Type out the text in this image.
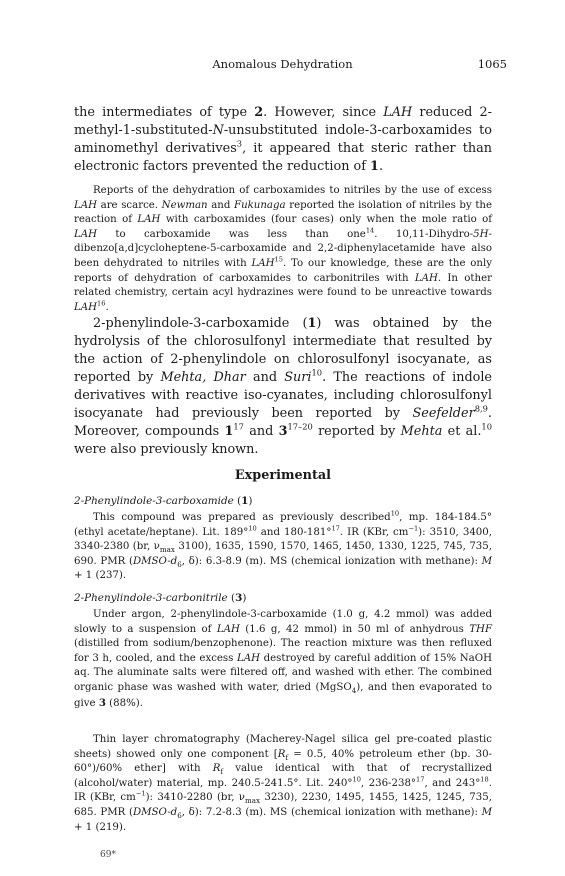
Anomalous Dehydration	1065

the intermediates of type 2. However, since LAH reduced 2-methyl-1-substituted-N-unsubstituted indole-3-carboxamides to aminomethyl derivatives$^3$, it appeared that steric rather than electronic factors prevented the reduction of 1.

Reports of the dehydration of carboxamides to nitriles by the use of excess LAH are scarce. Newman and Fukunaga reported the isolation of nitriles by the reaction of LAH with carboxamides (four cases) only when the mole ratio of LAH to carboxamide was less than one$^{14}$. 10,11-Dihydro-5H-dibenzo[a,d]cycloheptene-5-carboxamide and 2,2-diphenylacetamide have also been dehydrated to nitriles with LAH$^{15}$. To our knowledge, these are the only reports of dehydration of carboxamides to carbonitriles with LAH. In other related chemistry, certain acyl hydrazines were found to be unreactive towards LAH$^{16}$.

2-phenylindole-3-carboxamide (1) was obtained by the hydrolysis of the chlorosulfonyl intermediate that resulted by the action of 2-phenylindole on chlorosulfonyl isocyanate, as reported by Mehta, Dhar and Suri$^{10}$. The reactions of indole derivatives with reactive iso-cyanates, including chlorosulfonyl isocyanate had previously been reported by Seefelder$^{8,9}$. Moreover, compounds $1^{17}$ and 3$^{17-20}$ reported by Mehta et al.$^{10}$ were also previously known.

Experimental
2-Phenylindole-3-carboxamide (1)

This compound was prepared as previously described$^{10}$, mp. 184-184.5° (ethyl acetate/heptane). Lit. 189°$^{10}$ and 180-181°$^{17}$. IR (KBr, $cm^{-1}$): 3510, 3400, 3340-2380 (br, $\nu_{max}$ 3100), 1635, 1590, 1570, 1465, 1450, 1330, 1225, 745, 735, 690. PMR ($DMSO-d_6$, δ): 6.3-8.9 (m). MS (chemical ionization with methane): M + 1 (237).

2-Phenylindole-3-carbonitrile (3)

Under argon, 2-phenylindole-3-carboxamide (1.0 g, 4.2 mmol) was added slowly to a suspension of LAH (1.6 g, 42 mmol) in 50 ml of anhydrous THF (distilled from sodium/benzophenone). The reaction mixture was then refluxed for 3 h, cooled, and the excess LAH destroyed by careful addition of 15% NaOH aq. The aluminate salts were filtered off, and washed with ether. The combined organic phase was washed with water, dried (MgSO$_4$), and then evaporated to give 3 (88%).

Thin layer chromatography (Macherey-Nagel silica gel pre-coated plastic sheets) showed only one component [$R_f = 0.5$, 40% petroleum ether (bp. 30-60°)/60% ether] with $R_f$ value identical with that of recrystallized (alcohol/water) material, mp. 240.5-241.5°. Lit. 240°$^{10}$, 236-238°$^{17}$, and 243°$^{18}$. IR (KBr, $cm^{-1}$): 3410-2280 (br, $\nu_{max}$ 3230), 2230, 1495, 1455, 1425, 1245, 735, 685. PMR ($DMSO-d_6$, δ): 7.2-8.3 (m). MS (chemical ionization with methane): M + 1 (219).

69*
